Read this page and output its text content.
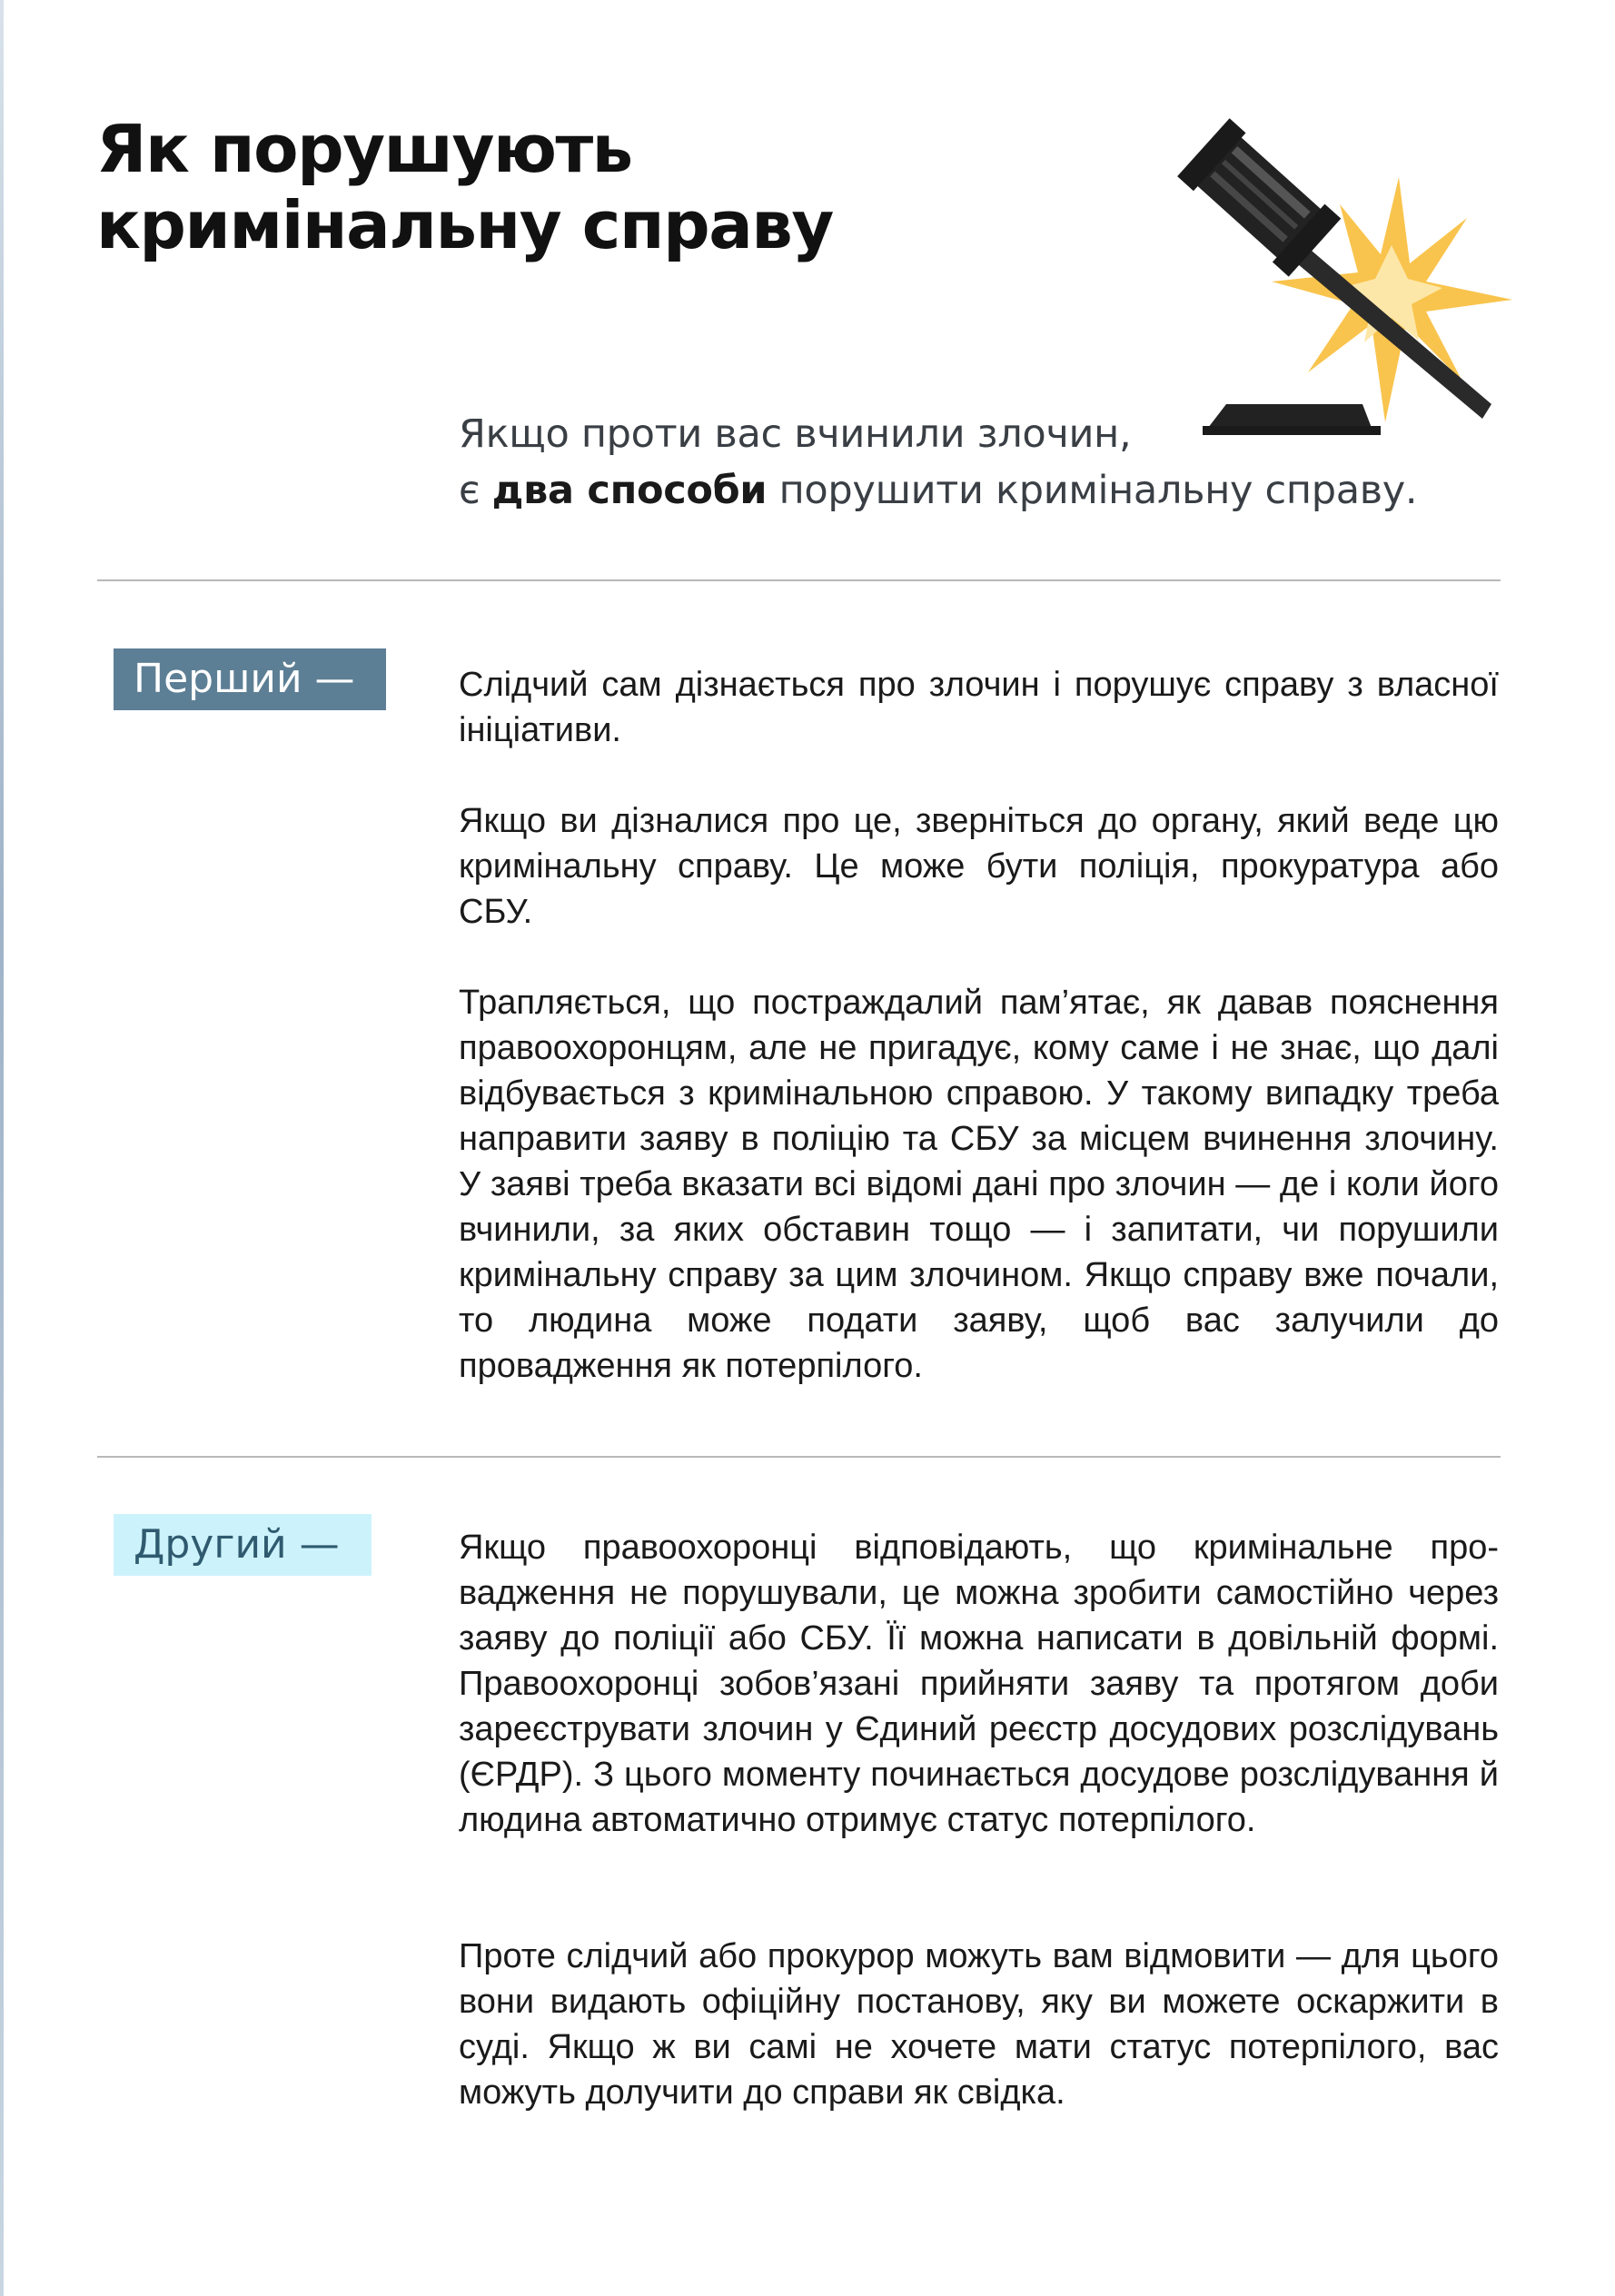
Як порушують
кримінальну справу

Якщо проти вас вчинили злочин,
є два способи порушити кримінальну справу.

Перший —	Слідчий сам дізнається про злочин і порушує справу з власної ініціативи.

Якщо ви дізналися про це, зверніться до органу, який веде цю кримінальну справу. Це може бути поліція, прокуратура або СБУ.

Трапляється, що постраждалий пам’ятає, як давав пояснення правоохоронцям, але не пригадує, кому саме і не знає, що далі відбувається з кримінальною справою. У такому випадку треба направити заяву в поліцію та СБУ за місцем вчинення злочину. У заяві треба вказати всі відомі дані про злочин — де і коли його вчинили, за яких обставин тощо — і запитати, чи порушили кримінальну справу за цим злочином. Якщо справу вже почали, то людина може подати заяву, щоб вас залучили до провадження як потерпілого.

Другий —	Якщо правоохоронці відповідають, що кримінальне провадження не порушували, це можна зробити самостійно через заяву до поліції або СБУ. Її можна написати в довільній формі. Правоохоронці зобов’язані прийняти заяву та протягом доби зареєструвати злочин у Єдиний реєстр досудових розслідувань (ЄРДР). З цього моменту починається досудове розслідування й людина автоматично отримує статус потерпілого.

Проте слідчий або прокурор можуть вам відмовити — для цього вони видають офіційну постанову, яку ви можете оскаржити в суді. Якщо ж ви самі не хочете мати статус потерпілого, вас можуть долучити до справи як свідка.
